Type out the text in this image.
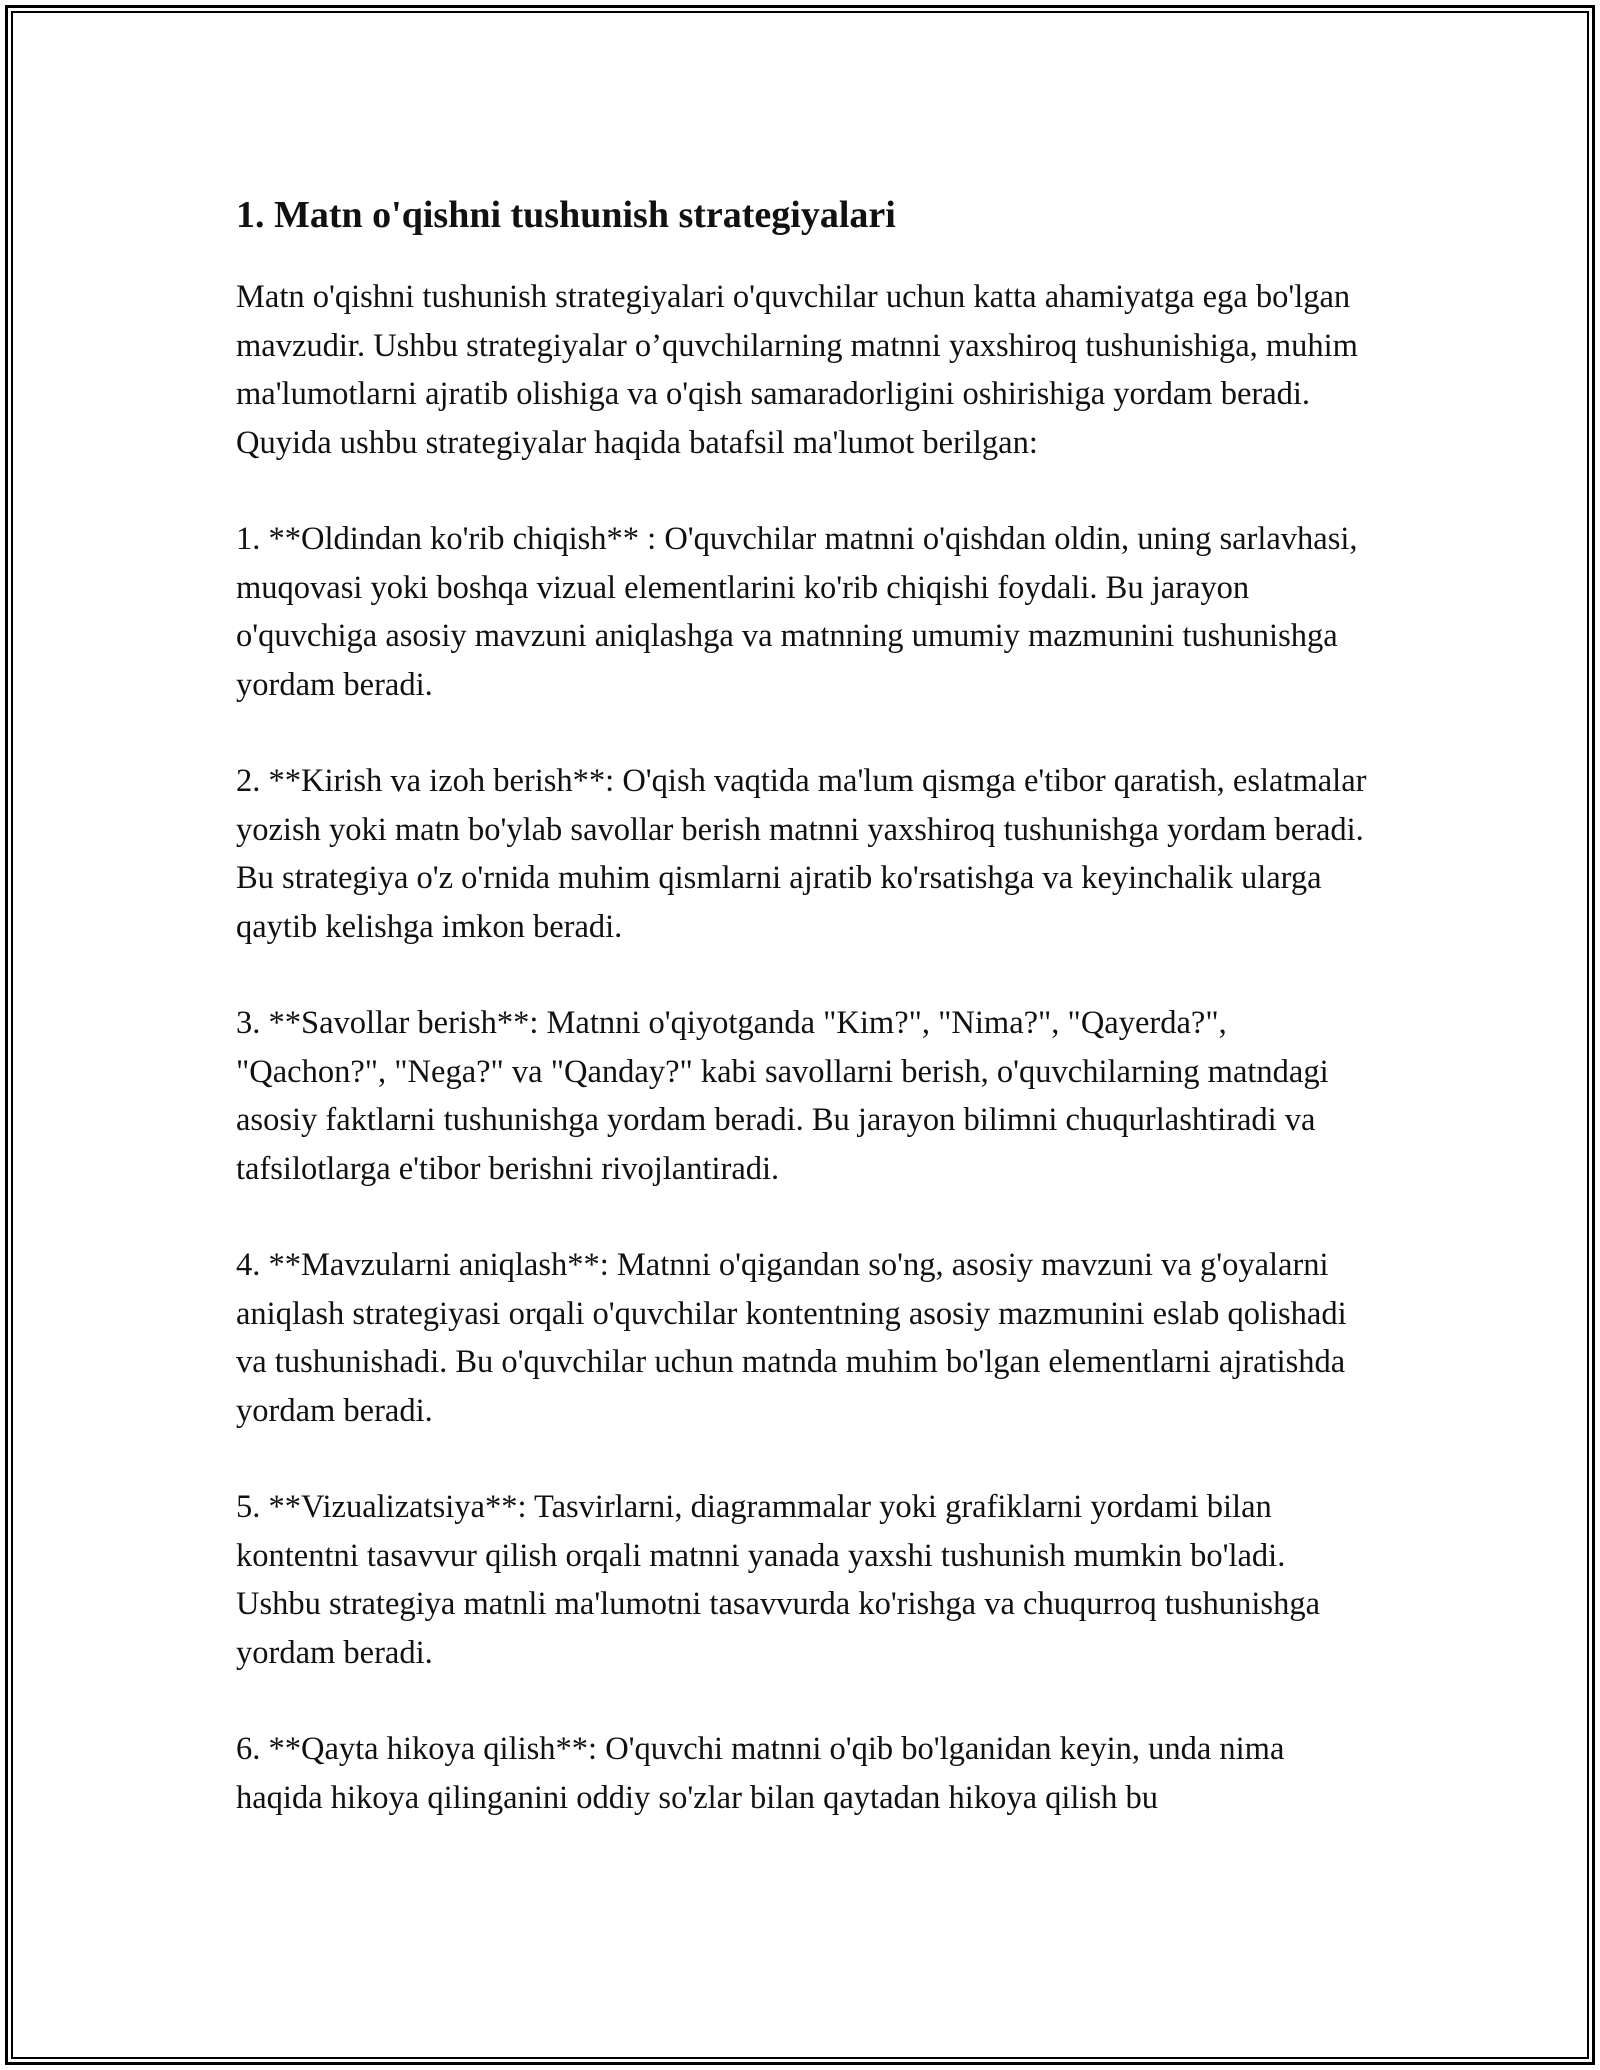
1. Matn o'qishni tushunish strategiyalari

Matn o'qishni tushunish strategiyalari o'quvchilar uchun katta ahamiyatga ega bo'lgan mavzudir. Ushbu strategiyalar o’quvchilarning matnni yaxshiroq tushunishiga, muhim ma'lumotlarni ajratib olishiga va o'qish samaradorligini oshirishiga yordam beradi. Quyida ushbu strategiyalar haqida batafsil ma'lumot berilgan:

1. **Oldindan ko'rib chiqish** : O'quvchilar matnni o'qishdan oldin, uning sarlavhasi, muqovasi yoki boshqa vizual elementlarini ko'rib chiqishi foydali. Bu jarayon o'quvchiga asosiy mavzuni aniqlashga va matnning umumiy mazmunini tushunishga yordam beradi.

2. **Kirish va izoh berish**: O'qish vaqtida ma'lum qismga e'tibor qaratish, eslatmalar yozish yoki matn bo'ylab savollar berish matnni yaxshiroq tushunishga yordam beradi. Bu strategiya o'z o'rnida muhim qismlarni ajratib ko'rsatishga va keyinchalik ularga qaytib kelishga imkon beradi.

3. **Savollar berish**: Matnni o'qiyotganda "Kim?", "Nima?", "Qayerda?", "Qachon?", "Nega?" va "Qanday?" kabi savollarni berish, o'quvchilarning matndagi asosiy faktlarni tushunishga yordam beradi. Bu jarayon bilimni chuqurlashtiradi va tafsilotlarga e'tibor berishni rivojlantiradi.

4. **Mavzularni aniqlash**: Matnni o'qigandan so'ng, asosiy mavzuni va g'oyalarni aniqlash strategiyasi orqali o'quvchilar kontentning asosiy mazmunini eslab qolishadi va tushunishadi. Bu o'quvchilar uchun matnda muhim bo'lgan elementlarni ajratishda yordam beradi.

5. **Vizualizatsiya**: Tasvirlarni, diagrammalar yoki grafiklarni yordami bilan kontentni tasavvur qilish orqali matnni yanada yaxshi tushunish mumkin bo'ladi. Ushbu strategiya matnli ma'lumotni tasavvurda ko'rishga va chuqurroq tushunishga yordam beradi.

6. **Qayta hikoya qilish**: O'quvchi matnni o'qib bo'lganidan keyin, unda nima haqida hikoya qilinganini oddiy so'zlar bilan qaytadan hikoya qilish bu
